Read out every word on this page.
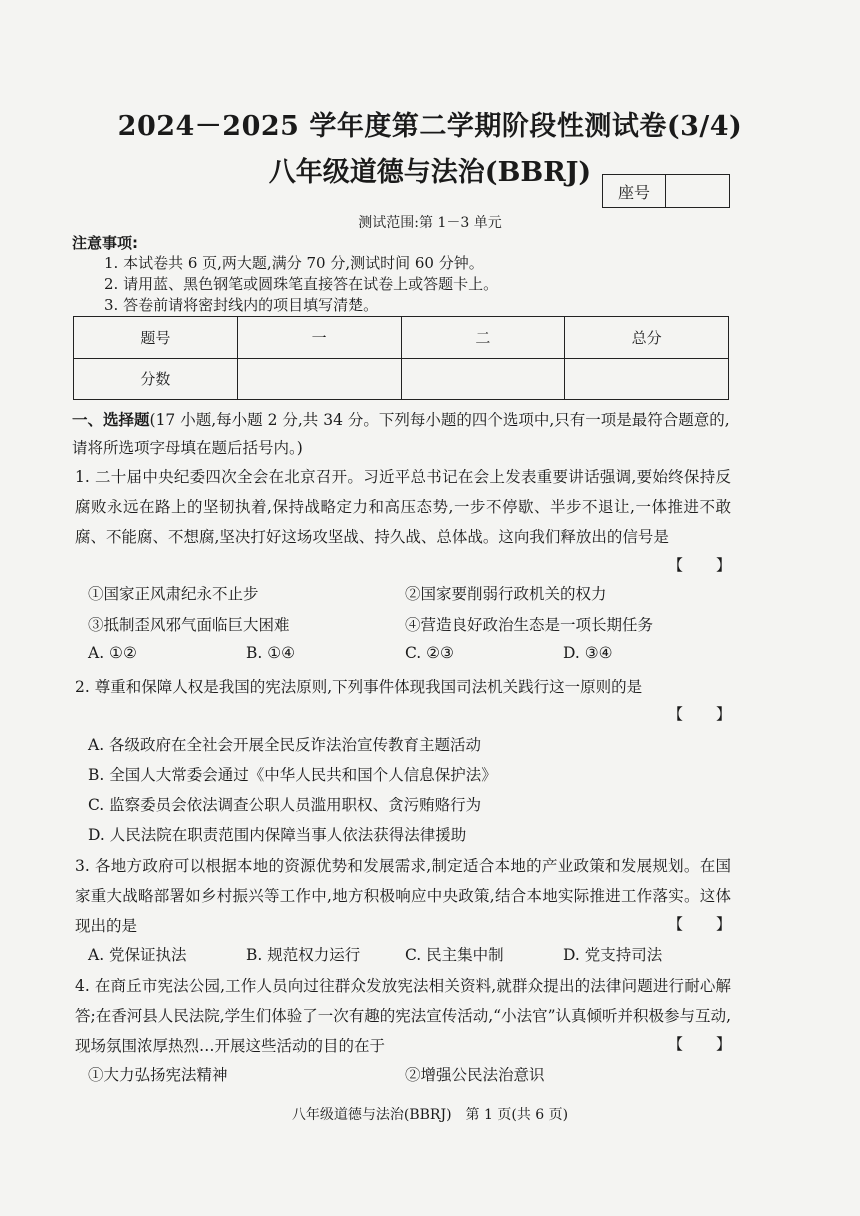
2024－2025 学年度第二学期阶段性测试卷(3/4)
八年级道德与法治(BBRJ)
座号
测试范围:第 1－3 单元
注意事项:
1. 本试卷共 6 页,两大题,满分 70 分,测试时间 60 分钟。
2. 请用蓝、黑色钢笔或圆珠笔直接答在试卷上或答题卡上。
3. 答卷前请将密封线内的项目填写清楚。
题号	一	二	总分
分数			
一、选择题(17 小题,每小题 2 分,共 34 分。下列每小题的四个选项中,只有一项是最符合题意的,请将所选项字母填在题后括号内。)
1. 二十届中央纪委四次全会在北京召开。习近平总书记在会上发表重要讲话强调,要始终保持反腐败永远在路上的坚韧执着,保持战略定力和高压态势,一步不停歇、半步不退让,一体推进不敢腐、不能腐、不想腐,坚决打好这场攻坚战、持久战、总体战。这向我们释放出的信号是
【　　】
①国家正风肃纪永不止步	②国家要削弱行政机关的权力
③抵制歪风邪气面临巨大困难	④营造良好政治生态是一项长期任务
A. ①②	B. ①④	C. ②③	D. ③④
2. 尊重和保障人权是我国的宪法原则,下列事件体现我国司法机关践行这一原则的是
【　　】
A. 各级政府在全社会开展全民反诈法治宣传教育主题活动
B. 全国人大常委会通过《中华人民共和国个人信息保护法》
C. 监察委员会依法调查公职人员滥用职权、贪污贿赂行为
D. 人民法院在职责范围内保障当事人依法获得法律援助
3. 各地方政府可以根据本地的资源优势和发展需求,制定适合本地的产业政策和发展规划。在国家重大战略部署如乡村振兴等工作中,地方积极响应中央政策,结合本地实际推进工作落实。这体现出的是	【　　】
A. 党保证执法	B. 规范权力运行	C. 民主集中制	D. 党支持司法
4. 在商丘市宪法公园,工作人员向过往群众发放宪法相关资料,就群众提出的法律问题进行耐心解答;在香河县人民法院,学生们体验了一次有趣的宪法宣传活动,“小法官”认真倾听并积极参与互动,现场氛围浓厚热烈…开展这些活动的目的在于	【　　】
①大力弘扬宪法精神	②增强公民法治意识
八年级道德与法治(BBRJ)　第 1 页(共 6 页)
